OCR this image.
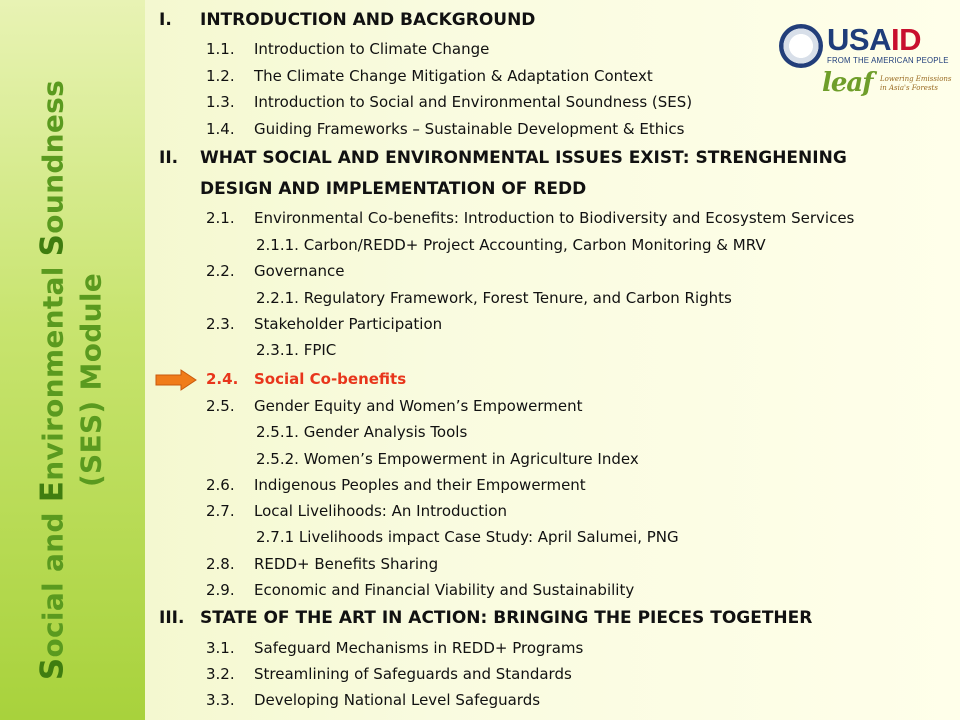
Social and Environmental Soundness
(SES) Module
USAID
FROM THE AMERICAN PEOPLE
leaf Lowering Emissions
in Asia's Forests
I. INTRODUCTION AND BACKGROUND
1.1. Introduction to Climate Change
1.2. The Climate Change Mitigation & Adaptation Context
1.3. Introduction to Social and Environmental Soundness (SES)
1.4. Guiding Frameworks – Sustainable Development & Ethics
II. WHAT SOCIAL AND ENVIRONMENTAL ISSUES EXIST: STRENGHENING
DESIGN AND IMPLEMENTATION OF REDD
2.1. Environmental Co-benefits: Introduction to Biodiversity and Ecosystem Services
2.1.1. Carbon/REDD+ Project Accounting, Carbon Monitoring & MRV
2.2. Governance
2.2.1. Regulatory Framework, Forest Tenure, and Carbon Rights
2.3. Stakeholder Participation
2.3.1. FPIC
2.4. Social Co-benefits
2.5. Gender Equity and Women’s Empowerment
2.5.1. Gender Analysis Tools
2.5.2. Women’s Empowerment in Agriculture Index
2.6. Indigenous Peoples and their Empowerment
2.7. Local Livelihoods: An Introduction
2.7.1 Livelihoods impact Case Study: April Salumei, PNG
2.8. REDD+ Benefits Sharing
2.9. Economic and Financial Viability and Sustainability
III. STATE OF THE ART IN ACTION: BRINGING THE PIECES TOGETHER
3.1. Safeguard Mechanisms in REDD+ Programs
3.2. Streamlining of Safeguards and Standards
3.3. Developing National Level Safeguards
